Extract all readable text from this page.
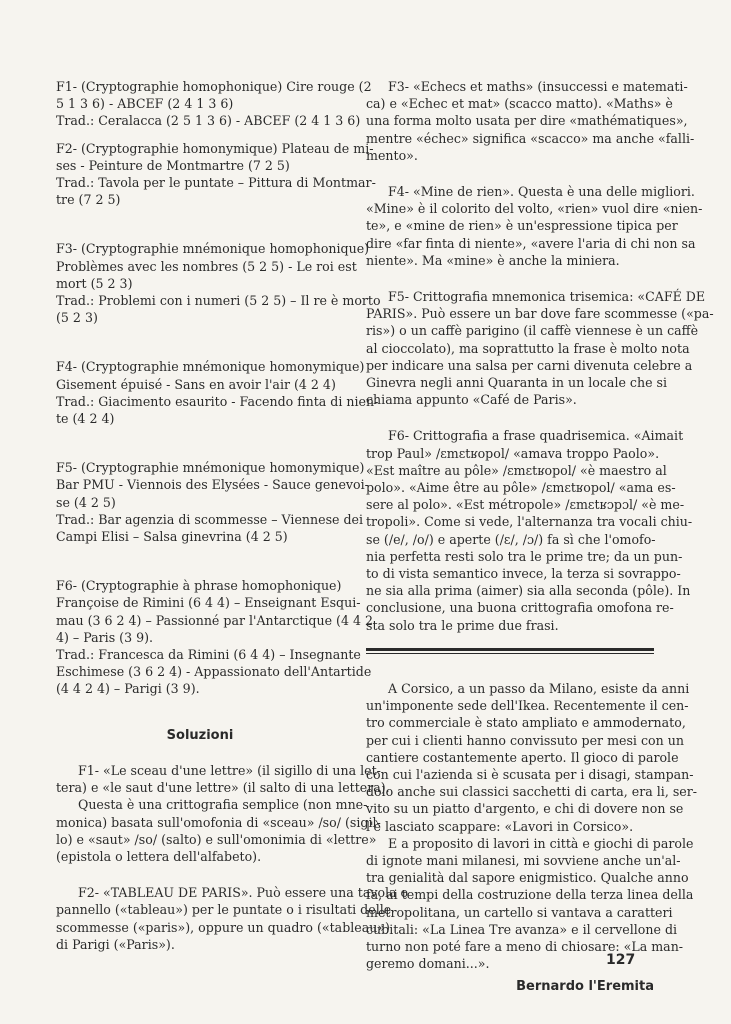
F1- (Cryptographie homophonique) Cire rouge (2
5 1 3 6) - ABCEF (2 4 1 3 6)
Trad.: Ceralacca (2 5 1 3 6) - ABCEF (2 4 1 3 6)
F2- (Cryptographie homonymique) Plateau de mi-
ses - Peinture de Montmartre (7 2 5)
Trad.: Tavola per le puntate – Pittura di Montmar-
tre (7 2 5)
F3- (Cryptographie mnémonique homophonique)
Problèmes avec les nombres (5 2 5) - Le roi est
mort (5 2 3)
Trad.: Problemi con i numeri (5 2 5) – Il re è morto
(5 2 3)
F4- (Cryptographie mnémonique homonymique)
Gisement épuisé - Sans en avoir l'air (4 2 4)
Trad.: Giacimento esaurito - Facendo finta di nien-
te (4 2 4)
F5- (Cryptographie mnémonique homonymique)
Bar PMU - Viennois des Elysées - Sauce genevoi-
se (4 2 5)
Trad.: Bar agenzia di scommesse – Viennese dei
Campi Elisi – Salsa ginevrina (4 2 5)
F6- (Cryptographie à phrase homophonique)
Françoise de Rimini (6 4 4) – Enseignant Esqui-
mau (3 6 2 4) – Passionné par l'Antarctique (4 4 2
4) – Paris (3 9).
Trad.: Francesca da Rimini (6 4 4) – Insegnante
Eschimese (3 6 2 4) - Appassionato dell'Antartide
(4 4 2 4) – Parigi (3 9).
Soluzioni
F1- «Le sceau d'une lettre» (il sigillo di una let-
tera) e «le saut d'une lettre» (il salto di una lettera).
Questa è una crittografia semplice (non mne-
monica) basata sull'omofonia di «sceau» /so/ (sigil-
lo) e «saut» /so/ (salto) e sull'omonimia di «lettre»
(epistola o lettera dell'alfabeto).
F2- «TABLEAU DE PARIS». Può essere una tavola o
pannello («tableau») per le puntate o i risultati delle
scommesse («paris»), oppure un quadro («tableau»)
di Parigi («Paris»).
F3- «Echecs et maths» (insuccessi e matemati-
ca) e «Echec et mat» (scacco matto). «Maths» è
una forma molto usata per dire «mathématiques»,
mentre «échec» significa «scacco» ma anche «falli-
mento».
F4- «Mine de rien». Questa è una delle migliori.
«Mine» è il colorito del volto, «rien» vuol dire «nien-
te», e «mine de rien» è un'espressione tipica per
dire «far finta di niente», «avere l'aria di chi non sa
niente». Ma «mine» è anche la miniera.
F5- Crittografia mnemonica trisemica: «CAFÉ DE
PARIS». Può essere un bar dove fare scommesse («pa-
ris») o un caffè parigino (il caffè viennese è un caffè
al cioccolato), ma soprattutto la frase è molto nota
per indicare una salsa per carni divenuta celebre a
Ginevra negli anni Quaranta in un locale che si
chiama appunto «Café de Paris».
F6- Crittografia a frase quadrisemica. «Aimait
trop Paul» /ɛmɛtʁopol/ «amava troppo Paolo».
«Est maître au pôle» /ɛmɛtʁopol/ «è maestro al
polo». «Aime être au pôle» /ɛmɛtʁopol/ «ama es-
sere al polo». «Est métropole» /ɛmɛtʁɔpɔl/ «è me-
tropoli». Come si vede, l'alternanza tra vocali chiu-
se (/e/, /o/) e aperte (/ɛ/, /ɔ/) fa sì che l'omofo-
nia perfetta resti solo tra le prime tre; da un pun-
to di vista semantico invece, la terza si sovrappo-
ne sia alla prima (aimer) sia alla seconda (pôle). In
conclusione, una buona crittografia omofona re-
sta solo tra le prime due frasi.
A Corsico, a un passo da Milano, esiste da anni
un'imponente sede dell'Ikea. Recentemente il cen-
tro commerciale è stato ampliato e ammodernato,
per cui i clienti hanno convissuto per mesi con un
cantiere costantemente aperto. Il gioco di parole
con cui l'azienda si è scusata per i disagi, stampan-
dolo anche sui classici sacchetti di carta, era li, ser-
vito su un piatto d'argento, e chi di dovere non se
l'è lasciato scappare: «Lavori in Corsico».
E a proposito di lavori in città e giochi di parole
di ignote mani milanesi, mi sovviene anche un'al-
tra genialità dal sapore enigmistico. Qualche anno
fa, ai tempi della costruzione della terza linea della
metropolitana, un cartello si vantava a caratteri
cubitali: «La Linea Tre avanza» e il cervellone di
turno non poté fare a meno di chiosare: «La man-
geremo domani...».
Bernardo l'Eremita
127
